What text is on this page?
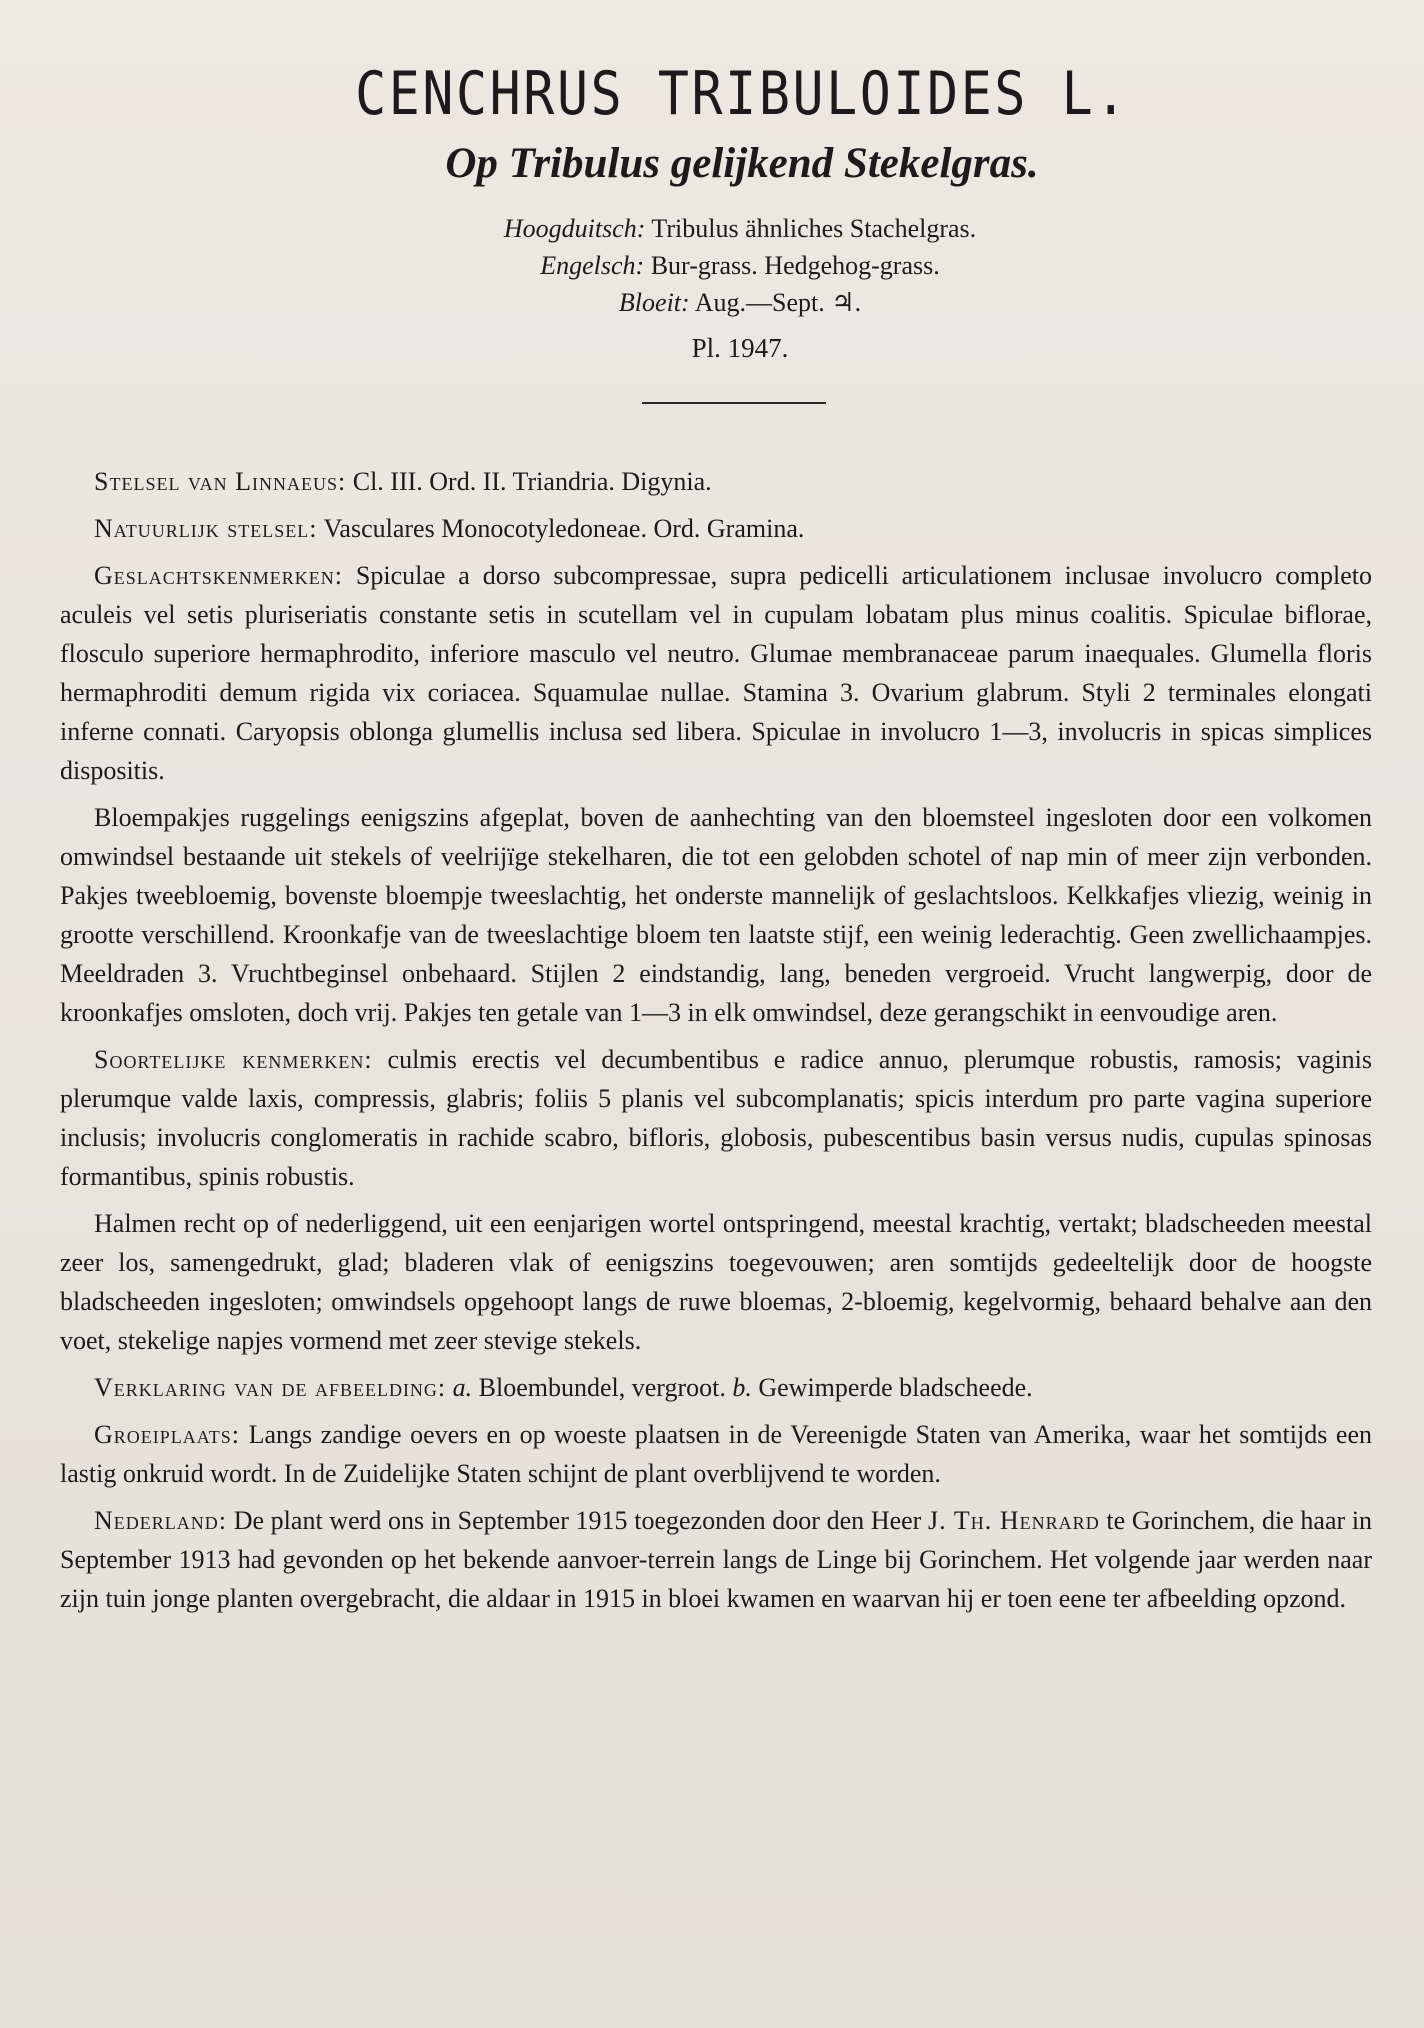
CENCHRUS TRIBULOIDES L.
Op Tribulus gelijkend Stekelgras.
Hoogduitsch: Tribulus ähnliches Stachelgras.
Engelsch: Bur-grass. Hedgehog-grass.
Bloeit: Aug.—Sept. ♃.
Pl. 1947.

Stelsel van Linnaeus: Cl. III. Ord. II. Triandria. Digynia.

Natuurlijk stelsel: Vasculares Monocotyledoneae. Ord. Gramina.

Geslachtskenmerken: Spiculae a dorso subcompressae, supra pedicelli articulationem inclusae involucro completo aculeis vel setis pluriseriatis constante setis in scutellam vel in cupulam lobatam plus minus coalitis. Spiculae biflorae, flosculo superiore hermaphrodito, inferiore masculo vel neutro. Glumae membranaceae parum inaequales. Glumella floris hermaphroditi demum rigida vix coriacea. Squamulae nullae. Stamina 3. Ovarium glabrum. Styli 2 terminales elongati inferne connati. Caryopsis oblonga glumellis inclusa sed libera. Spiculae in involucro 1—3, involucris in spicas simplices dispositis.

Bloempakjes ruggelings eenigszins afgeplat, boven de aanhechting van den bloemsteel ingesloten door een volkomen omwindsel bestaande uit stekels of veelrijïge stekelharen, die tot een gelobden schotel of nap min of meer zijn verbonden. Pakjes tweebloemig, bovenste bloempje tweeslachtig, het onderste mannelijk of geslachtsloos. Kelkkafjes vliezig, weinig in grootte verschillend. Kroonkafje van de tweeslachtige bloem ten laatste stijf, een weinig lederachtig. Geen zwellichaampjes. Meeldraden 3. Vruchtbeginsel onbehaard. Stijlen 2 eindstandig, lang, beneden vergroeid. Vrucht langwerpig, door de kroonkafjes omsloten, doch vrij. Pakjes ten getale van 1—3 in elk omwindsel, deze gerangschikt in eenvoudige aren.

Soortelijke kenmerken: culmis erectis vel decumbentibus e radice annuo, plerumque robustis, ramosis; vaginis plerumque valde laxis, compressis, glabris; foliis 5 planis vel subcomplanatis; spicis interdum pro parte vagina superiore inclusis; involucris conglomeratis in rachide scabro, bifloris, globosis, pubescentibus basin versus nudis, cupulas spinosas formantibus, spinis robustis.

Halmen recht op of nederliggend, uit een eenjarigen wortel ontspringend, meestal krachtig, vertakt; bladscheeden meestal zeer los, samengedrukt, glad; bladeren vlak of eenigszins toegevouwen; aren somtijds gedeeltelijk door de hoogste bladscheeden ingesloten; omwindsels opgehoopt langs de ruwe bloemas, 2-bloemig, kegelvormig, behaard behalve aan den voet, stekelige napjes vormend met zeer stevige stekels.

Verklaring van de afbeelding: a. Bloembundel, vergroot. b. Gewimperde bladscheede.

Groeiplaats: Langs zandige oevers en op woeste plaatsen in de Vereenigde Staten van Amerika, waar het somtijds een lastig onkruid wordt. In de Zuidelijke Staten schijnt de plant overblijvend te worden.

Nederland: De plant werd ons in September 1915 toegezonden door den Heer J. Th. Henrard te Gorinchem, die haar in September 1913 had gevonden op het bekende aanvoer-terrein langs de Linge bij Gorinchem. Het volgende jaar werden naar zijn tuin jonge planten overgebracht, die aldaar in 1915 in bloei kwamen en waarvan hij er toen eene ter afbeelding opzond.
